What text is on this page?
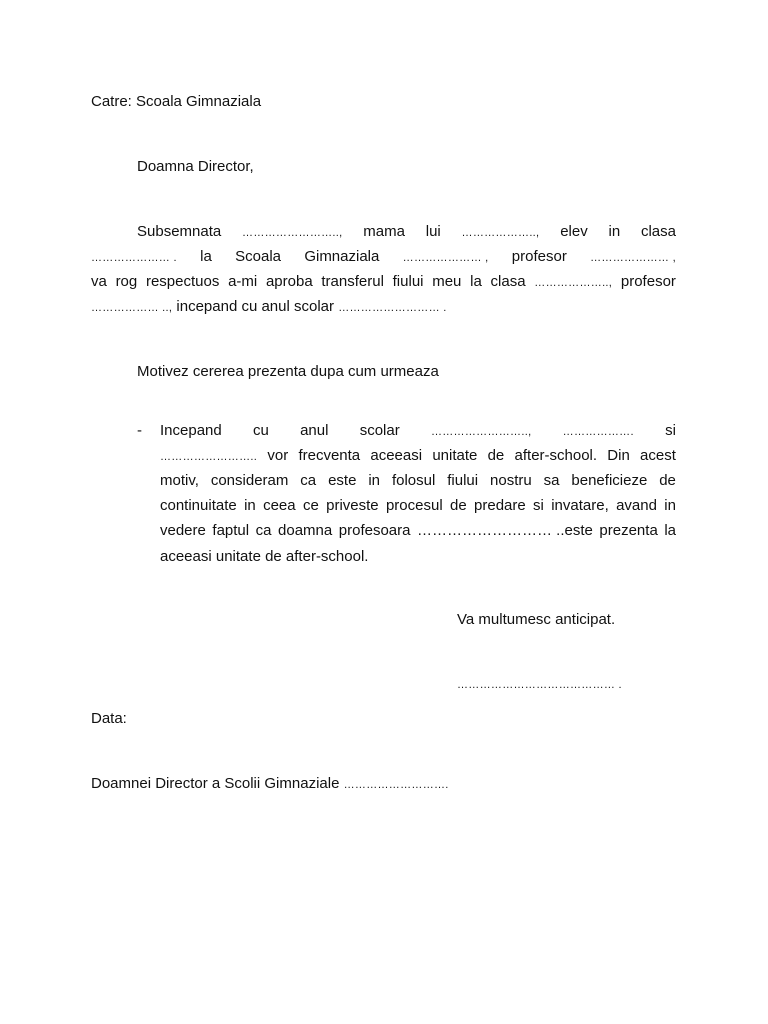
Catre: Scoala Gimnaziala
Doamna Director,
Subsemnata …………………….., mama lui ……………….., elev in clasa
………………… . la Scoala Gimnaziala ………………… , profesor ………………… ,
va rog respectuos a-mi aproba transferul fiului meu la clasa ……………….., profesor
……………… .., incepand cu anul scolar ……………………… .
Motivez cererea prezenta dupa cum urmeaza
- Incepand cu anul scolar	……………………..,	………………. si
…………………….. vor frecventa aceeasi unitate de after-school. Din acest
motiv, consideram ca este in folosul fiului nostru sa beneficieze de
continuitate in ceea ce priveste procesul de predare si invatare, avand in
vedere faptul ca doamna profesoara ……………………… ..este prezenta la
aceeasi unitate de after-school.
Va multumesc anticipat.
…………………………………… .
Data:
Doamnei Director a Scolii Gimnaziale ……………………….
